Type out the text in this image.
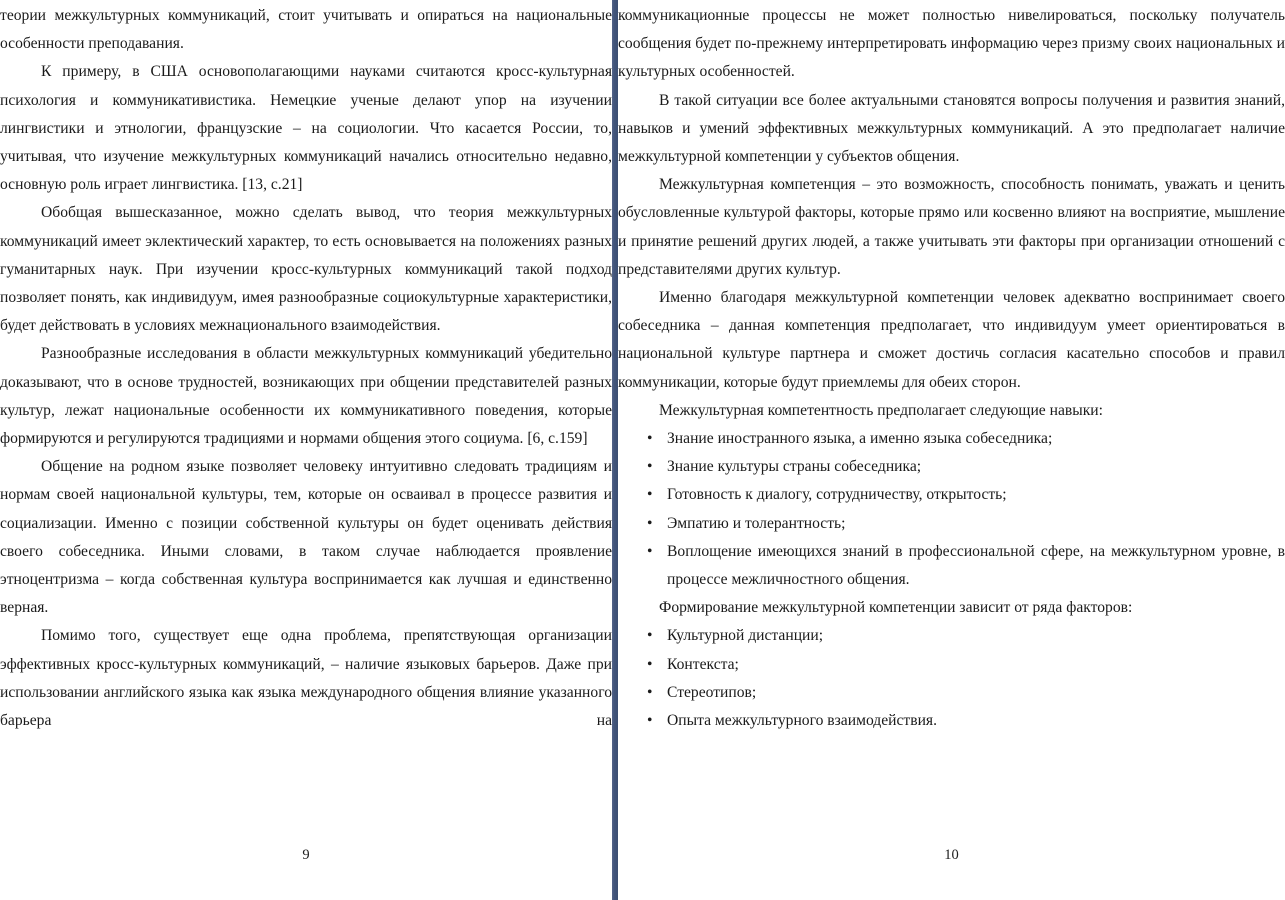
теории межкультурных коммуникаций, стоит учитывать и опираться на национальные особенности преподавания.

К примеру, в США основополагающими науками считаются кросс-культурная психология и коммуникативистика. Немецкие ученые делают упор на изучении лингвистики и этнологии, французские – на социологии. Что касается России, то, учитывая, что изучение межкультурных коммуникаций начались относительно недавно, основную роль играет лингвистика. [13, с.21]

Обобщая вышесказанное, можно сделать вывод, что теория межкультурных коммуникаций имеет эклектический характер, то есть основывается на положениях разных гуманитарных наук. При изучении кросс-культурных коммуникаций такой подход позволяет понять, как индивидуум, имея разнообразные социокультурные характеристики, будет действовать в условиях межнационального взаимодействия.

Разнообразные исследования в области межкультурных коммуникаций убедительно доказывают, что в основе трудностей, возникающих при общении представителей разных культур, лежат национальные особенности их коммуникативного поведения, которые формируются и регулируются традициями и нормами общения этого социума. [6, с.159]

Общение на родном языке позволяет человеку интуитивно следовать традициям и нормам своей национальной культуры, тем, которые он осваивал в процессе развития и социализации. Именно с позиции собственной культуры он будет оценивать действия своего собеседника. Иными словами, в таком случае наблюдается проявление этноцентризма – когда собственная культура воспринимается как лучшая и единственно верная.

Помимо того, существует еще одна проблема, препятствующая организации эффективных кросс-культурных коммуникаций, – наличие языковых барьеров. Даже при использовании английского языка как языка международного общения влияние указанного барьера на

9

коммуникационные процессы не может полностью нивелироваться, поскольку получатель сообщения будет по-прежнему интерпретировать информацию через призму своих национальных и культурных особенностей.

В такой ситуации все более актуальными становятся вопросы получения и развития знаний, навыков и умений эффективных межкультурных коммуникаций. А это предполагает наличие межкультурной компетенции у субъектов общения.

Межкультурная компетенция – это возможность, способность понимать, уважать и ценить обусловленные культурой факторы, которые прямо или косвенно влияют на восприятие, мышление и принятие решений других людей, а также учитывать эти факторы при организации отношений с представителями других культур.

Именно благодаря межкультурной компетенции человек адекватно воспринимает своего собеседника – данная компетенция предполагает, что индивидуум умеет ориентироваться в национальной культуре партнера и сможет достичь согласия касательно способов и правил коммуникации, которые будут приемлемы для обеих сторон.

Межкультурная компетентность предполагает следующие навыки:

• Знание иностранного языка, а именно языка собеседника;
• Знание культуры страны собеседника;
• Готовность к диалогу, сотрудничеству, открытость;
• Эмпатию и толерантность;
• Воплощение имеющихся знаний в профессиональной сфере, на межкультурном уровне, в процессе межличностного общения.

Формирование межкультурной компетенции зависит от ряда факторов:

• Культурной дистанции;
• Контекста;
• Стереотипов;
• Опыта межкультурного взаимодействия.
10
